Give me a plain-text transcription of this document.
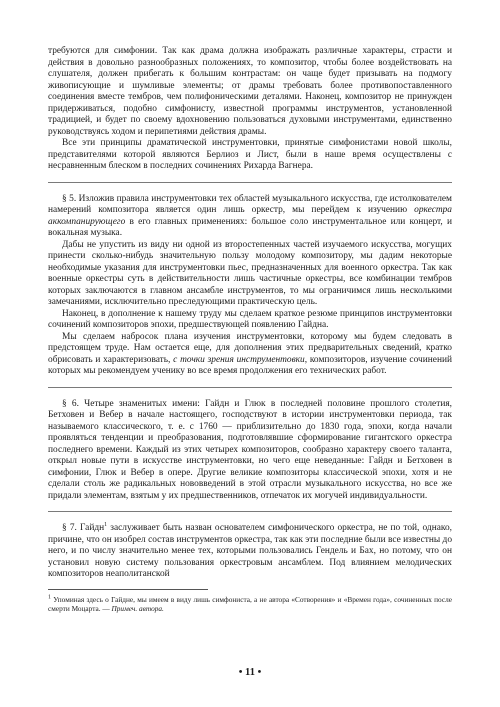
требуются для симфонии. Так как драма должна изображать различные характеры, страсти и действия в довольно разнообразных положениях, то композитор, чтобы более воздействовать на слушателя, должен прибегать к большим контрастам: он чаще будет призывать на подмогу живописующие и шумливые элементы; от драмы требовать более противопоставленного соединения вместе тембров, чем полифоническими деталями. Наконец, композитор не принужден придерживаться, подобно симфонисту, известной программы инструментов, установленной традицией, и будет по своему вдохновению пользоваться духовыми инструментами, единственно руководствуясь ходом и перипетиями действия драмы.

Все эти принципы драматической инструментовки, принятые симфонистами новой школы, представителями которой являются Берлиоз и Лист, были в наше время осуществлены с несравненным блеском в последних сочинениях Рихарда Вагнера.

§ 5. Изложив правила инструментовки тех областей музыкального искусства, где истолкователем намерений композитора является один лишь оркестр, мы перейдем к изучению оркестра аккомпанирующего в его главных применениях: большое соло инструментальное или концерт, и вокальная музыка.

Дабы не упустить из виду ни одной из второстепенных частей изучаемого искусства, могущих принести сколько-нибудь значительную пользу молодому композитору, мы дадим некоторые необходимые указания для инструментовки пьес, предназначенных для военного оркестра. Так как военные оркестры суть в действительности лишь частичные оркестры, все комбинации тембров которых заключаются в главном ансамбле инструментов, то мы ограничимся лишь несколькими замечаниями, исключительно преследующими практическую цель.

Наконец, в дополнение к нашему труду мы сделаем краткое резюме принципов инструментовки сочинений композиторов эпохи, предшествующей появлению Гайдна.

Мы сделаем набросок плана изучения инструментовки, которому мы будем следовать в предстоящем труде. Нам остается еще, для дополнения этих предварительных сведений, кратко обрисовать и характеризовать, с точки зрения инструментовки, композиторов, изучение сочинений которых мы рекомендуем ученику во все время продолжения его технических работ.

§ 6. Четыре знаменитых имени: Гайдн и Глюк в последней половине прошлого столетия, Бетховен и Вебер в начале настоящего, господствуют в истории инструментовки периода, так называемого классического, т. е. с 1760 — приблизительно до 1830 года, эпохи, когда начали проявляться тенденции и преобразования, подготовлявшие сформирование гигантского оркестра последнего времени. Каждый из этих четырех композиторов, сообразно характеру своего таланта, открыл новые пути в искусстве инструментовки, но чего еще неведанные: Гайдн и Бетховен в симфонии, Глюк и Вебер в опере. Другие великие композиторы классической эпохи, хотя и не сделали столь же радикальных нововведений в этой отрасли музыкального искусства, но все же придали элементам, взятым у их предшественников, отпечаток их могучей индивидуальности.

§ 7. Гайдн$^1$ заслуживает быть назван основателем симфонического оркестра, не по той, однако, причине, что он изобрел состав инструментов оркестра, так как эти последние были все известны до него, и по числу значительно менее тех, которыми пользовались Гендель и Бах, но потому, что он установил новую систему пользования оркестровым ансамблем. Под влиянием мелодических композиторов неаполитанской

$^1$ Упоминая здесь о Гайдне, мы имеем в виду лишь симфониста, а не автора «Сотворения» и «Времен года», сочиненных после смерти Моцарта. — Примеч. автора.

• 11 •
